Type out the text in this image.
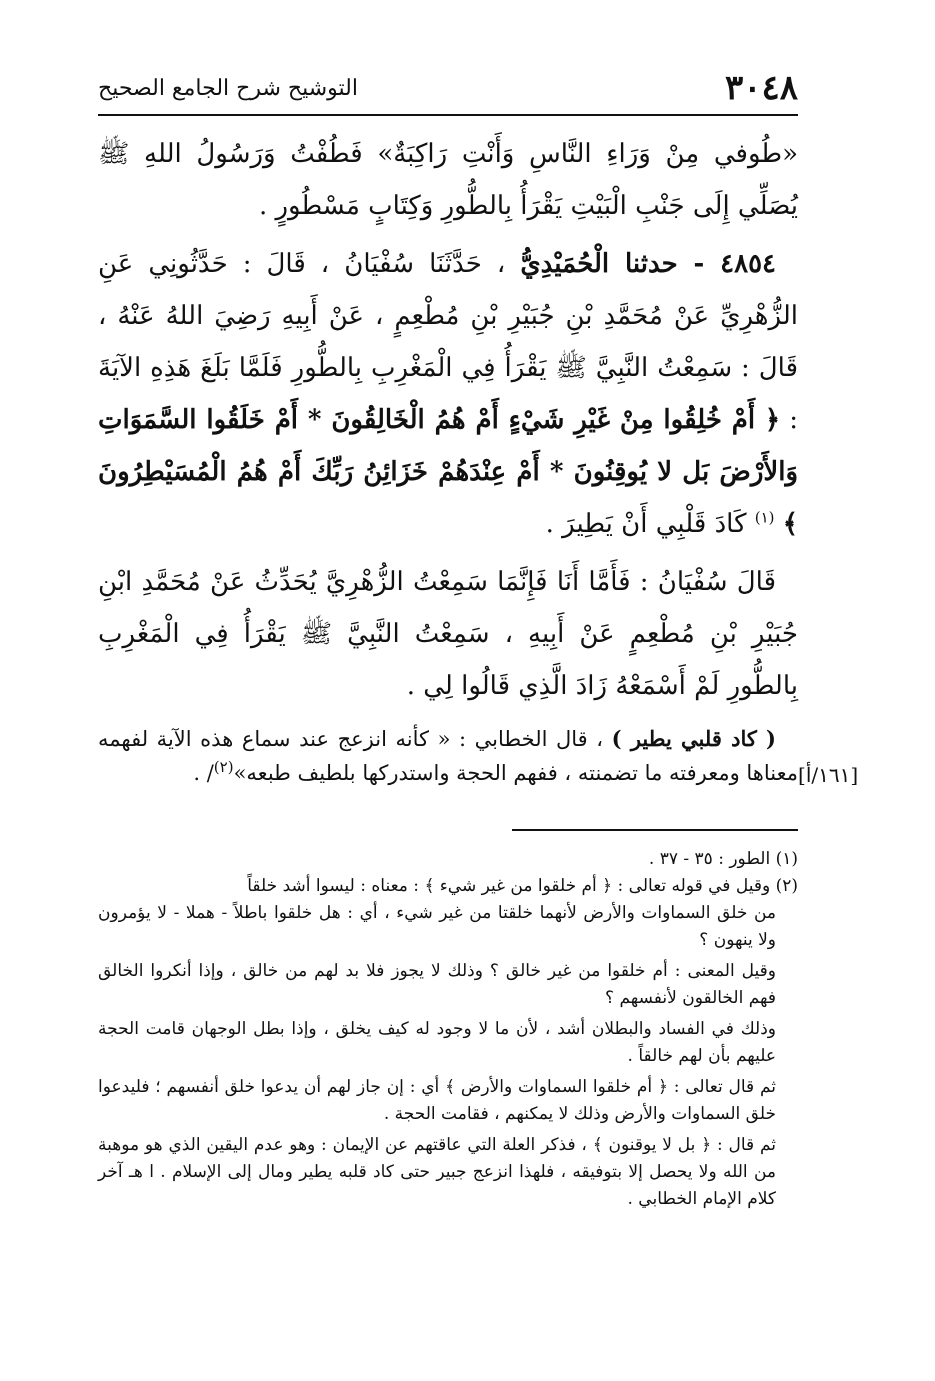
٣٠٤٨
التوشيح شرح الجامع الصحيح

«طُوفي مِنْ وَرَاءِ النَّاسِ وَأَنْتِ رَاكِبَةٌ» فَطُفْتُ وَرَسُولُ اللهِ ﷺ يُصَلِّي إِلَى جَنْبِ الْبَيْتِ يَقْرَأُ بِالطُّورِ وَكِتَابٍ مَسْطُورٍ .

٤٨٥٤ - حدثنا الْحُمَيْدِيُّ ، حَدَّثَنَا سُفْيَانُ ، قَالَ : حَدَّثُونِي عَنِ الزُّهْرِيِّ عَنْ مُحَمَّدِ بْنِ جُبَيْرِ بْنِ مُطْعِمٍ ، عَنْ أَبِيهِ رَضِيَ اللهُ عَنْهُ ، قَالَ : سَمِعْتُ النَّبِيَّ ﷺ يَقْرَأُ فِي الْمَغْرِبِ بِالطُّورِ فَلَمَّا بَلَغَ هَذِهِ الآيَةَ : ﴿ أَمْ خُلِقُوا مِنْ غَيْرِ شَيْءٍ أَمْ هُمُ الْخَالِقُونَ * أَمْ خَلَقُوا السَّمَوَاتِ وَالأَرْضَ بَل لا يُوقِنُونَ * أَمْ عِنْدَهُمْ خَزَائِنُ رَبِّكَ أَمْ هُمُ الْمُسَيْطِرُونَ ﴾ $^{(١)}$ كَادَ قَلْبِي أَنْ يَطِيرَ .

قَالَ سُفْيَانُ : فَأَمَّا أَنَا فَإِنَّمَا سَمِعْتُ الزُّهْرِيَّ يُحَدِّثُ عَنْ مُحَمَّدِ ابْنِ جُبَيْرِ بْنِ مُطْعِمٍ عَنْ أَبِيهِ ، سَمِعْتُ النَّبِيَّ ﷺ يَقْرَأُ فِي الْمَغْرِبِ بِالطُّورِ لَمْ أَسْمَعْهُ زَادَ الَّذِي قَالُوا لِي .

( كاد قلبي يطير ) ، قال الخطابي : « كأنه انزعج عند سماع هذه الآية لفهمه معناها ومعرفته ما تضمنته ، ففهم الحجة واستدركها بلطيف طبعه»$^{(٢)}$/ .	[١٦١/أ]

(١) الطور : ٣٥ - ٣٧ .

(٢) وقيل في قوله تعالى : ﴿ أم خلقوا من غير شيء ﴾ : معناه : ليسوا أشد خلقاً

من خلق السماوات والأرض لأنهما خلقتا من غير شيء ، أي : هل خلقوا باطلاً - هملا - لا يؤمرون ولا ينهون ؟

وقيل المعنى : أم خلقوا من غير خالق ؟ وذلك لا يجوز فلا بد لهم من خالق ، وإذا أنكروا الخالق فهم الخالقون لأنفسهم ؟

وذلك في الفساد والبطلان أشد ، لأن ما لا وجود له كيف يخلق ، وإذا بطل الوجهان قامت الحجة عليهم بأن لهم خالقاً .

ثم قال تعالى : ﴿ أم خلقوا السماوات والأرض ﴾ أي : إن جاز لهم أن يدعوا خلق أنفسهم ؛ فليدعوا خلق السماوات والأرض وذلك لا يمكنهم ، فقامت الحجة .

ثم قال : ﴿ بل لا يوقنون ﴾ ، فذكر العلة التي عاقتهم عن الإيمان : وهو عدم اليقين الذي هو موهبة من الله ولا يحصل إلا بتوفيقه ، فلهذا انزعج جبير حتى كاد قلبه يطير ومال إلى الإسلام . ا هـ آخر كلام الإمام الخطابي .
